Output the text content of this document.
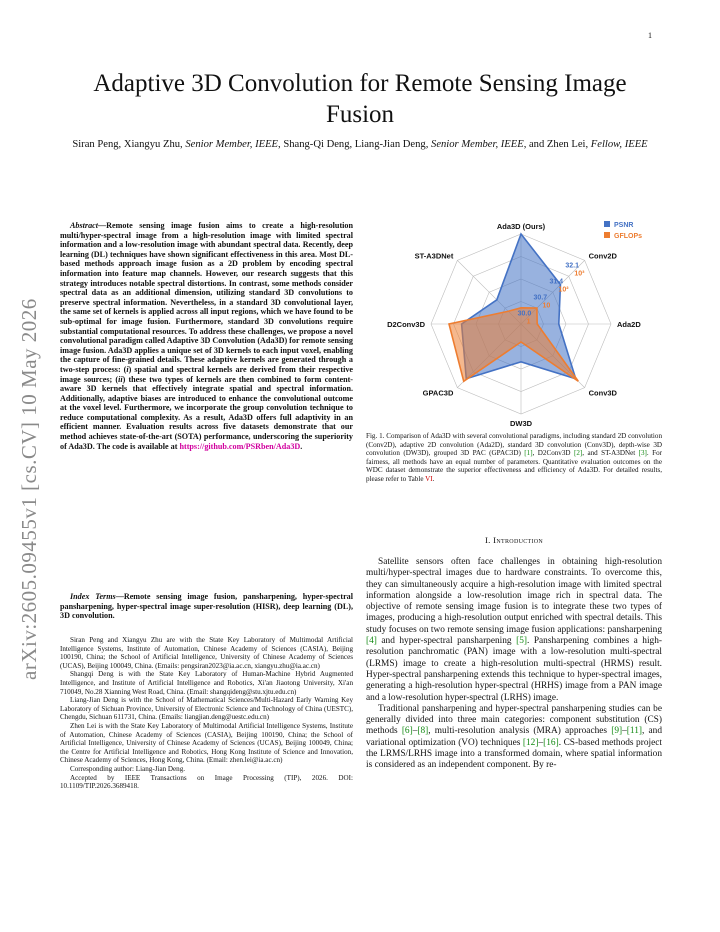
1
arXiv:2605.09455v1 [cs.CV] 10 May 2026
Adaptive 3D Convolution for Remote Sensing Image Fusion
Siran Peng, Xiangyu Zhu, Senior Member, IEEE, Shang-Qi Deng, Liang-Jian Deng, Senior Member, IEEE, and Zhen Lei, Fellow, IEEE
Abstract—Remote sensing image fusion aims to create a high-resolution multi/hyper-spectral image from a high-resolution image with limited spectral information and a low-resolution image with abundant spectral data. Recently, deep learning (DL) techniques have shown significant effectiveness in this area. Most DL-based methods approach image fusion as a 2D problem by encoding spectral information into feature map channels. However, our research suggests that this strategy introduces notable spectral distortions. In contrast, some methods consider spectral data as an additional dimension, utilizing standard 3D convolutions to preserve spectral information. Nevertheless, in a standard 3D convolutional layer, the same set of kernels is applied across all input regions, which we have found to be sub-optimal for image fusion. Furthermore, standard 3D convolutions require substantial computational resources. To address these challenges, we propose a novel convolutional paradigm called Adaptive 3D Convolution (Ada3D) for remote sensing image fusion. Ada3D applies a unique set of 3D kernels to each input voxel, enabling the capture of fine-grained details. These adaptive kernels are generated through a two-step process: (i) spatial and spectral kernels are derived from their respective image sources; (ii) these two types of kernels are then combined to form content-aware 3D kernels that effectively integrate spatial and spectral information. Additionally, adaptive biases are introduced to enhance the convolutional outcome at the voxel level. Furthermore, we incorporate the group convolution technique to reduce computational complexity. As a result, Ada3D offers full adaptivity in an efficient manner. Evaluation results across five datasets demonstrate that our method achieves state-of-the-art (SOTA) performance, underscoring the superiority of Ada3D. The code is available at https://github.com/PSRben/Ada3D.
Index Terms—Remote sensing image fusion, pansharpening, hyper-spectral pansharpening, hyper-spectral image super-resolution (HISR), deep learning (DL), 3D convolution.

Siran Peng and Xiangyu Zhu are with the State Key Laboratory of Multimodal Artificial Intelligence Systems, Institute of Automation, Chinese Academy of Sciences (CASIA), Beijing 100190, China; the School of Artificial Intelligence, University of Chinese Academy of Sciences (UCAS), Beijing 100049, China. (Emails: pengsiran2023@ia.ac.cn, xiangyu.zhu@ia.ac.cn)

Shangqi Deng is with the State Key Laboratory of Human-Machine Hybrid Augmented Intelligence, and Institute of Artificial Intelligence and Robotics, Xi'an Jiaotong University, Xi'an 710049, No.28 Xianning West Road, China. (Email: shangqideng@stu.xjtu.edu.cn)

Liang-Jian Deng is with the School of Mathematical Sciences/Multi-Hazard Early Warning Key Laboratory of Sichuan Province, University of Electronic Science and Technology of China (UESTC), Chengdu, Sichuan 611731, China. (Emails: liangjian.deng@uestc.edu.cn)

Zhen Lei is with the State Key Laboratory of Multimodal Artificial Intelligence Systems, Institute of Automation, Chinese Academy of Sciences (CASIA), Beijing 100190, China; the School of Artificial Intelligence, University of Chinese Academy of Sciences (UCAS), Beijing 100049, China; the Centre for Artificial Intelligence and Robotics, Hong Kong Institute of Science and Innovation, Chinese Academy of Sciences, Hong Kong, China. (Email: zhen.lei@ia.ac.cn)

Corresponding author: Liang-Jian Deng.

Accepted by IEEE Transactions on Image Processing (TIP), 2026. DOI: 10.1109/TIP.2026.3689418.

30.0
30.7
31.4
32.1
1
10
10²
10³
Ada3D (Ours)
Conv2D
Ada2D
Conv3D
DW3D
GPAC3D
D2Conv3D
ST-A3DNet
PSNR
GFLOPs
Fig. 1. Comparison of Ada3D with several convolutional paradigms, including standard 2D convolution (Conv2D), adaptive 2D convolution (Ada2D), standard 3D convolution (Conv3D), depth-wise 3D convolution (DW3D), grouped 3D PAC (GPAC3D) [1], D2Conv3D [2], and ST-A3DNet [3]. For fairness, all methods have an equal number of parameters. Quantitative evaluation outcomes on the WDC dataset demonstrate the superior effectiveness and efficiency of Ada3D. For detailed results, please refer to Table VI.
I. Introduction

Satellite sensors often face challenges in obtaining high-resolution multi/hyper-spectral images due to hardware constraints. To overcome this, they can simultaneously acquire a high-resolution image with limited spectral information alongside a low-resolution image rich in spectral data. The objective of remote sensing image fusion is to integrate these two types of images, producing a high-resolution output enriched with spectral details. This study focuses on two remote sensing image fusion applications: pansharpening [4] and hyper-spectral pansharpening [5]. Pansharpening combines a high-resolution panchromatic (PAN) image with a low-resolution multi-spectral (LRMS) image to create a high-resolution multi-spectral (HRMS) result. Hyper-spectral pansharpening extends this technique to hyper-spectral images, generating a high-resolution hyper-spectral (HRHS) image from a PAN image and a low-resolution hyper-spectral (LRHS) image.

Traditional pansharpening and hyper-spectral pansharpening studies can be generally divided into three main categories: component substitution (CS) methods [6]–[8], multi-resolution analysis (MRA) approaches [9]–[11], and variational optimization (VO) techniques [12]–[16]. CS-based methods project the LRMS/LRHS image into a transformed domain, where spatial information is considered as an independent component. By re-
